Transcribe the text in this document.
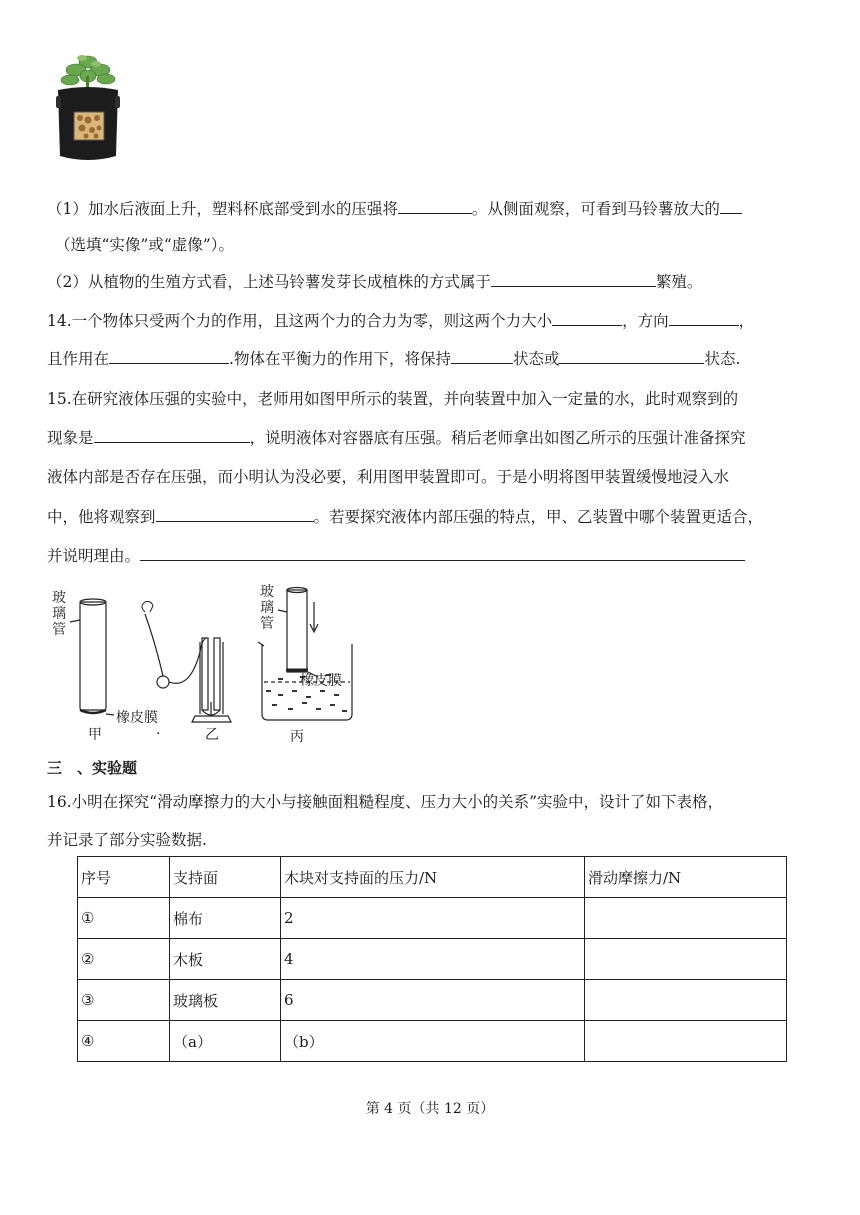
（1）加水后液面上升，塑料杯底部受到水的压强将	。从侧面观察，可看到马铃薯放大的
（选填“实像”或“虚像”）。
（2）从植物的生殖方式看，上述马铃薯发芽长成植株的方式属于	繁殖。
14.一个物体只受两个力的作用，且这两个力的合力为零，则这两个力大小	，方向	，
且作用在	.物体在平衡力的作用下，将保持	状态或	状态.
15.在研究液体压强的实验中，老师用如图甲所示的装置，并向装置中加入一定量的水，此时观察到的
现象是	，说明液体对容器底有压强。稍后老师拿出如图乙所示的压强计准备探究
液体内部是否存在压强，而小明认为没必要，利用图甲装置即可。于是小明将图甲装置缓慢地浸入水
中，他将观察到	。若要探究液体内部压强的特点，甲、乙装置中哪个装置更适合，
并说明理由。
玻
璃
管
橡皮膜
甲	.	乙
玻
璃
管
橡皮膜
丙
三　、实验题
16.小明在探究“滑动摩擦力的大小与接触面粗糙程度、压力大小的关系”实验中，设计了如下表格，
并记录了部分实验数据.
序号	支持面	木块对支持面的压力/N	滑动摩擦力/N
①	棉布	2	
②	木板	4	
③	玻璃板	6	
④	（a）	（b）	
第 4 页（共 12 页）
